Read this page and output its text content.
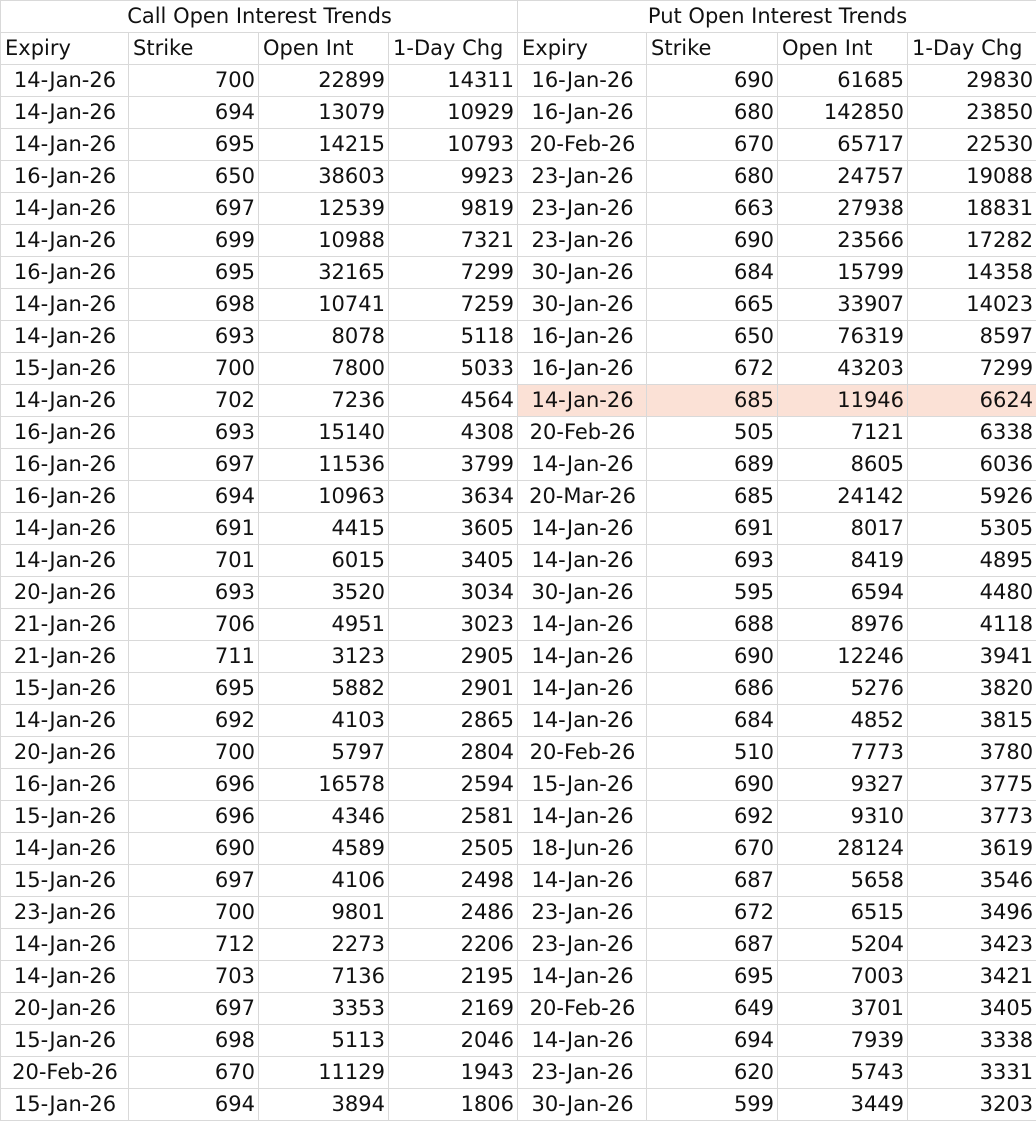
Call Open Interest Trends				Put Open Interest Trends			
Expiry	Strike	Open Int	1-Day Chg	Expiry	Strike	Open Int	1-Day Chg
14-Jan-26	700	22899	14311	16-Jan-26	690	61685	29830
14-Jan-26	694	13079	10929	16-Jan-26	680	142850	23850
14-Jan-26	695	14215	10793	20-Feb-26	670	65717	22530
16-Jan-26	650	38603	9923	23-Jan-26	680	24757	19088
14-Jan-26	697	12539	9819	23-Jan-26	663	27938	18831
14-Jan-26	699	10988	7321	23-Jan-26	690	23566	17282
16-Jan-26	695	32165	7299	30-Jan-26	684	15799	14358
14-Jan-26	698	10741	7259	30-Jan-26	665	33907	14023
14-Jan-26	693	8078	5118	16-Jan-26	650	76319	8597
15-Jan-26	700	7800	5033	16-Jan-26	672	43203	7299
14-Jan-26	702	7236	4564	14-Jan-26	685	11946	6624
16-Jan-26	693	15140	4308	20-Feb-26	505	7121	6338
16-Jan-26	697	11536	3799	14-Jan-26	689	8605	6036
16-Jan-26	694	10963	3634	20-Mar-26	685	24142	5926
14-Jan-26	691	4415	3605	14-Jan-26	691	8017	5305
14-Jan-26	701	6015	3405	14-Jan-26	693	8419	4895
20-Jan-26	693	3520	3034	30-Jan-26	595	6594	4480
21-Jan-26	706	4951	3023	14-Jan-26	688	8976	4118
21-Jan-26	711	3123	2905	14-Jan-26	690	12246	3941
15-Jan-26	695	5882	2901	14-Jan-26	686	5276	3820
14-Jan-26	692	4103	2865	14-Jan-26	684	4852	3815
20-Jan-26	700	5797	2804	20-Feb-26	510	7773	3780
16-Jan-26	696	16578	2594	15-Jan-26	690	9327	3775
15-Jan-26	696	4346	2581	14-Jan-26	692	9310	3773
14-Jan-26	690	4589	2505	18-Jun-26	670	28124	3619
15-Jan-26	697	4106	2498	14-Jan-26	687	5658	3546
23-Jan-26	700	9801	2486	23-Jan-26	672	6515	3496
14-Jan-26	712	2273	2206	23-Jan-26	687	5204	3423
14-Jan-26	703	7136	2195	14-Jan-26	695	7003	3421
20-Jan-26	697	3353	2169	20-Feb-26	649	3701	3405
15-Jan-26	698	5113	2046	14-Jan-26	694	7939	3338
20-Feb-26	670	11129	1943	23-Jan-26	620	5743	3331
15-Jan-26	694	3894	1806	30-Jan-26	599	3449	3203
